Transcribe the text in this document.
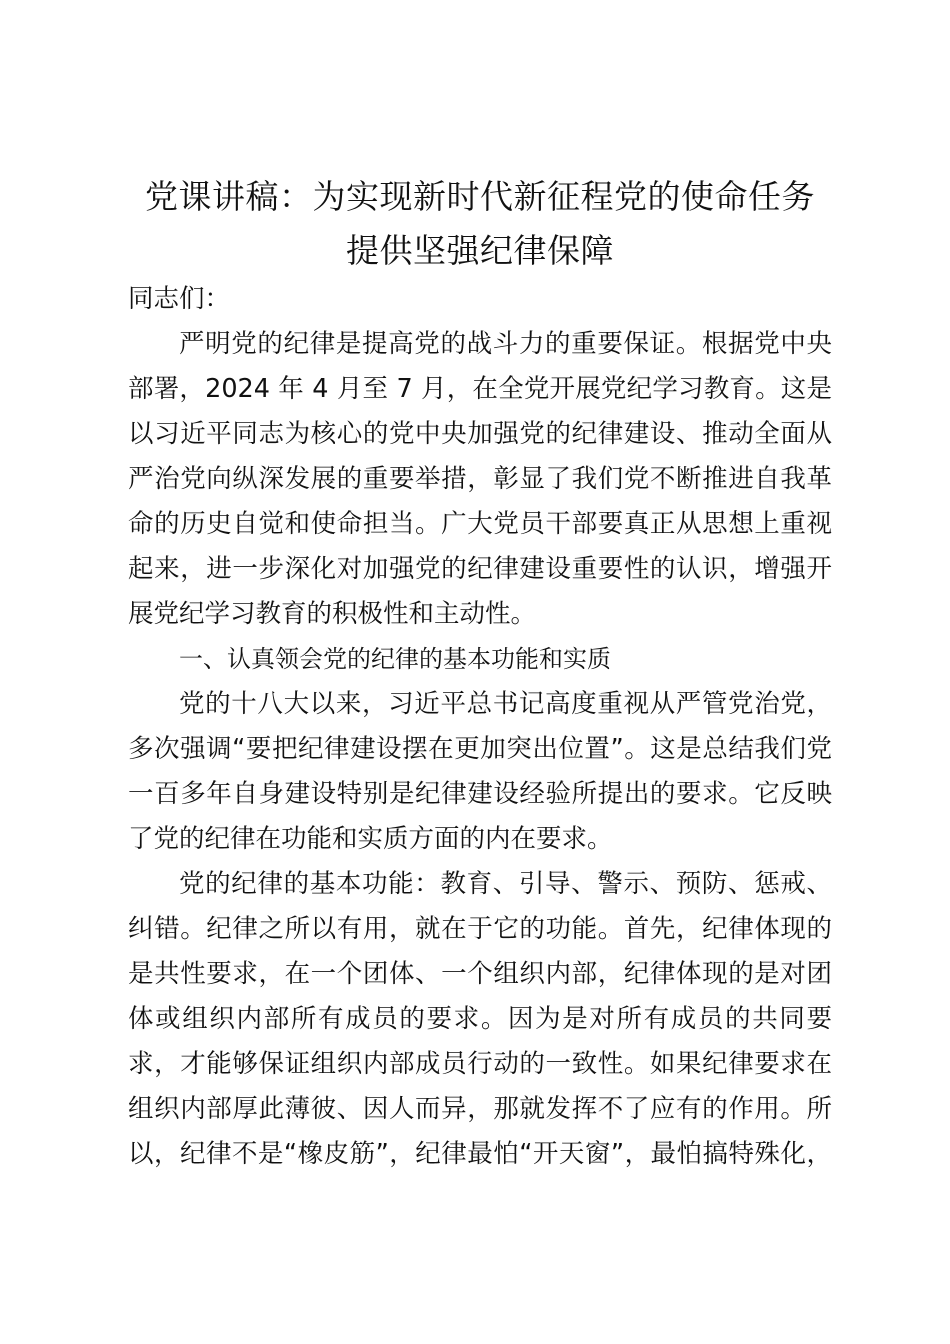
党课讲稿：为实现新时代新征程党的使命任务
提供坚强纪律保障
同志们：
严明党的纪律是提高党的战斗力的重要保证。根据党中央
部署，2024 年 4 月至 7 月，在全党开展党纪学习教育。这是
以习近平同志为核心的党中央加强党的纪律建设、推动全面从
严治党向纵深发展的重要举措，彰显了我们党不断推进自我革
命的历史自觉和使命担当。广大党员干部要真正从思想上重视
起来，进一步深化对加强党的纪律建设重要性的认识，增强开
展党纪学习教育的积极性和主动性。
一、认真领会党的纪律的基本功能和实质
党的十八大以来，习近平总书记高度重视从严管党治党，
多次强调“要把纪律建设摆在更加突出位置”。这是总结我们党
一百多年自身建设特别是纪律建设经验所提出的要求。它反映
了党的纪律在功能和实质方面的内在要求。
党的纪律的基本功能：教育、引导、警示、预防、惩戒、
纠错。纪律之所以有用，就在于它的功能。首先，纪律体现的
是共性要求，在一个团体、一个组织内部，纪律体现的是对团
体或组织内部所有成员的要求。因为是对所有成员的共同要
求，才能够保证组织内部成员行动的一致性。如果纪律要求在
组织内部厚此薄彼、因人而异，那就发挥不了应有的作用。所
以，纪律不是“橡皮筋”，纪律最怕“开天窗”，最怕搞特殊化，
